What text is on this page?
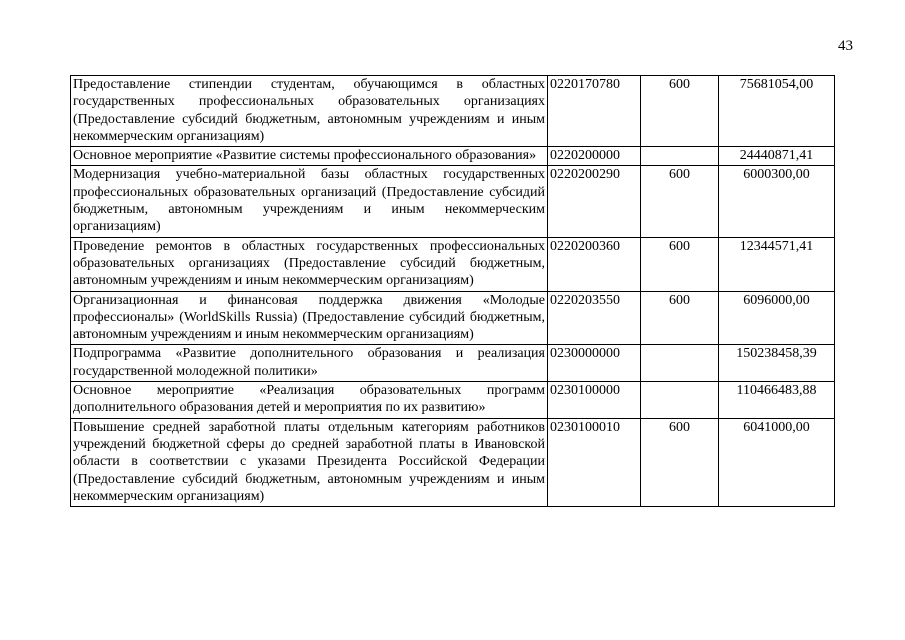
43
Предоставление стипендии студентам, обучающимся в областных государственных профессиональных образовательных организациях (Предоставление субсидий бюджетным, автономным учреждениям и иным некоммерческим организациям)	0220170780	600	75681054,00
Основное мероприятие «Развитие системы профессионального образования»	0220200000		24440871,41
Модернизация учебно-материальной базы областных государственных профессиональных образовательных организаций (Предоставление субсидий бюджетным, автономным учреждениям и иным некоммерческим организациям)	0220200290	600	6000300,00
Проведение ремонтов в областных государственных профессиональных образовательных организациях (Предоставление субсидий бюджетным, автономным учреждениям и иным некоммерческим организациям)	0220200360	600	12344571,41
Организационная и финансовая поддержка движения «Молодые профессионалы» (WorldSkills Russia) (Предоставление субсидий бюджетным, автономным учреждениям и иным некоммерческим организациям)	0220203550	600	6096000,00
Подпрограмма «Развитие дополнительного образования и реализация государственной молодежной политики»	0230000000		150238458,39
Основное мероприятие «Реализация образовательных программ дополнительного образования детей и мероприятия по их развитию»	0230100000		110466483,88
Повышение средней заработной платы отдельным категориям работников учреждений бюджетной сферы до средней заработной платы в Ивановской области в соответствии с указами Президента Российской Федерации (Предоставление субсидий бюджетным, автономным учреждениям и иным некоммерческим организациям)	0230100010	600	6041000,00
